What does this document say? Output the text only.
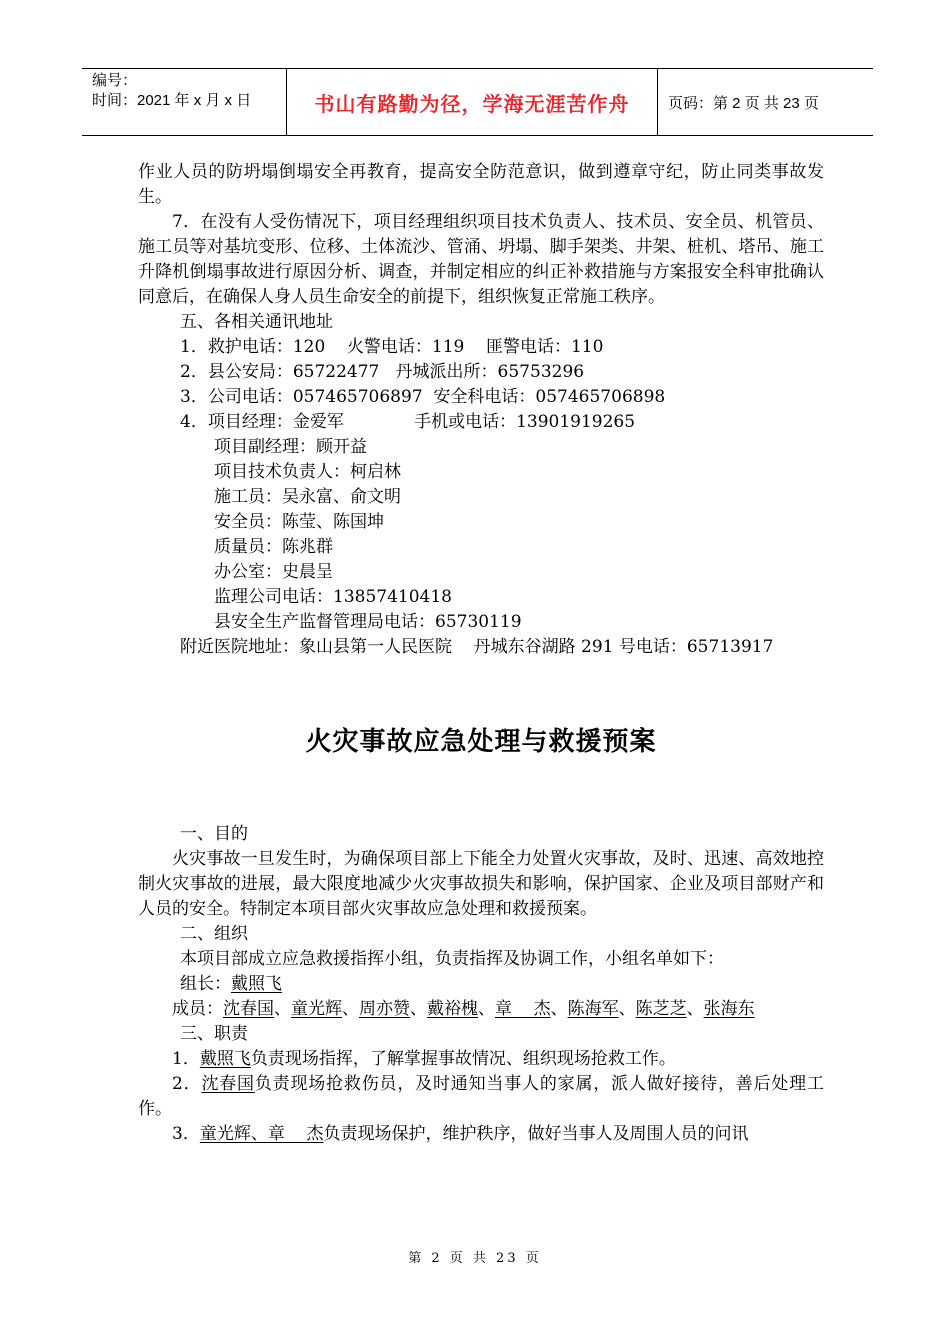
编号：
时间：2021 年 x 月 x 日	书山有路勤为径，学海无涯苦作舟	页码：第 2 页 共 23 页

作业人员的防坍塌倒塌安全再教育，提高安全防范意识，做到遵章守纪，防止同类事故发生。

7．在没有人受伤情况下，项目经理组织项目技术负责人、技术员、安全员、机管员、施工员等对基坑变形、位移、土体流沙、管涌、坍塌、脚手架类、井架、桩机、塔吊、施工升降机倒塌事故进行原因分析、调查，并制定相应的纠正补救措施与方案报安全科审批确认同意后，在确保人身人员生命安全的前提下，组织恢复正常施工秩序。

五、各相关通讯地址

1．救护电话：120    火警电话：119    匪警电话：110

2．县公安局：65722477   丹城派出所：65753296

3．公司电话：057465706897  安全科电话：057465706898

4．项目经理：金爱军             手机或电话：13901919265

项目副经理：顾开益

项目技术负责人：柯启林

施工员：吴永富、俞文明

安全员：陈莹、陈国坤

质量员：陈兆群

办公室：史晨呈

监理公司电话：13857410418

县安全生产监督管理局电话：65730119

附近医院地址：象山县第一人民医院    丹城东谷湖路 291 号电话：65713917

火灾事故应急处理与救援预案

一、目的

火灾事故一旦发生时，为确保项目部上下能全力处置火灾事故，及时、迅速、高效地控制火灾事故的进展，最大限度地减少火灾事故损失和影响，保护国家、企业及项目部财产和人员的安全。特制定本项目部火灾事故应急处理和救援预案。

二、组织

本项目部成立应急救援指挥小组，负责指挥及协调工作，小组名单如下：

组长：戴照飞

成员：沈春国、童光辉、周亦赞、戴裕槐、章    杰、陈海军、陈芝芝、张海东

三、职责

1．戴照飞负责现场指挥，了解掌握事故情况、组织现场抢救工作。

2．沈春国负责现场抢救伤员，及时通知当事人的家属，派人做好接待，善后处理工作。

3．童光辉、章    杰负责现场保护，维护秩序，做好当事人及周围人员的问讯

第 2 页 共 23 页
